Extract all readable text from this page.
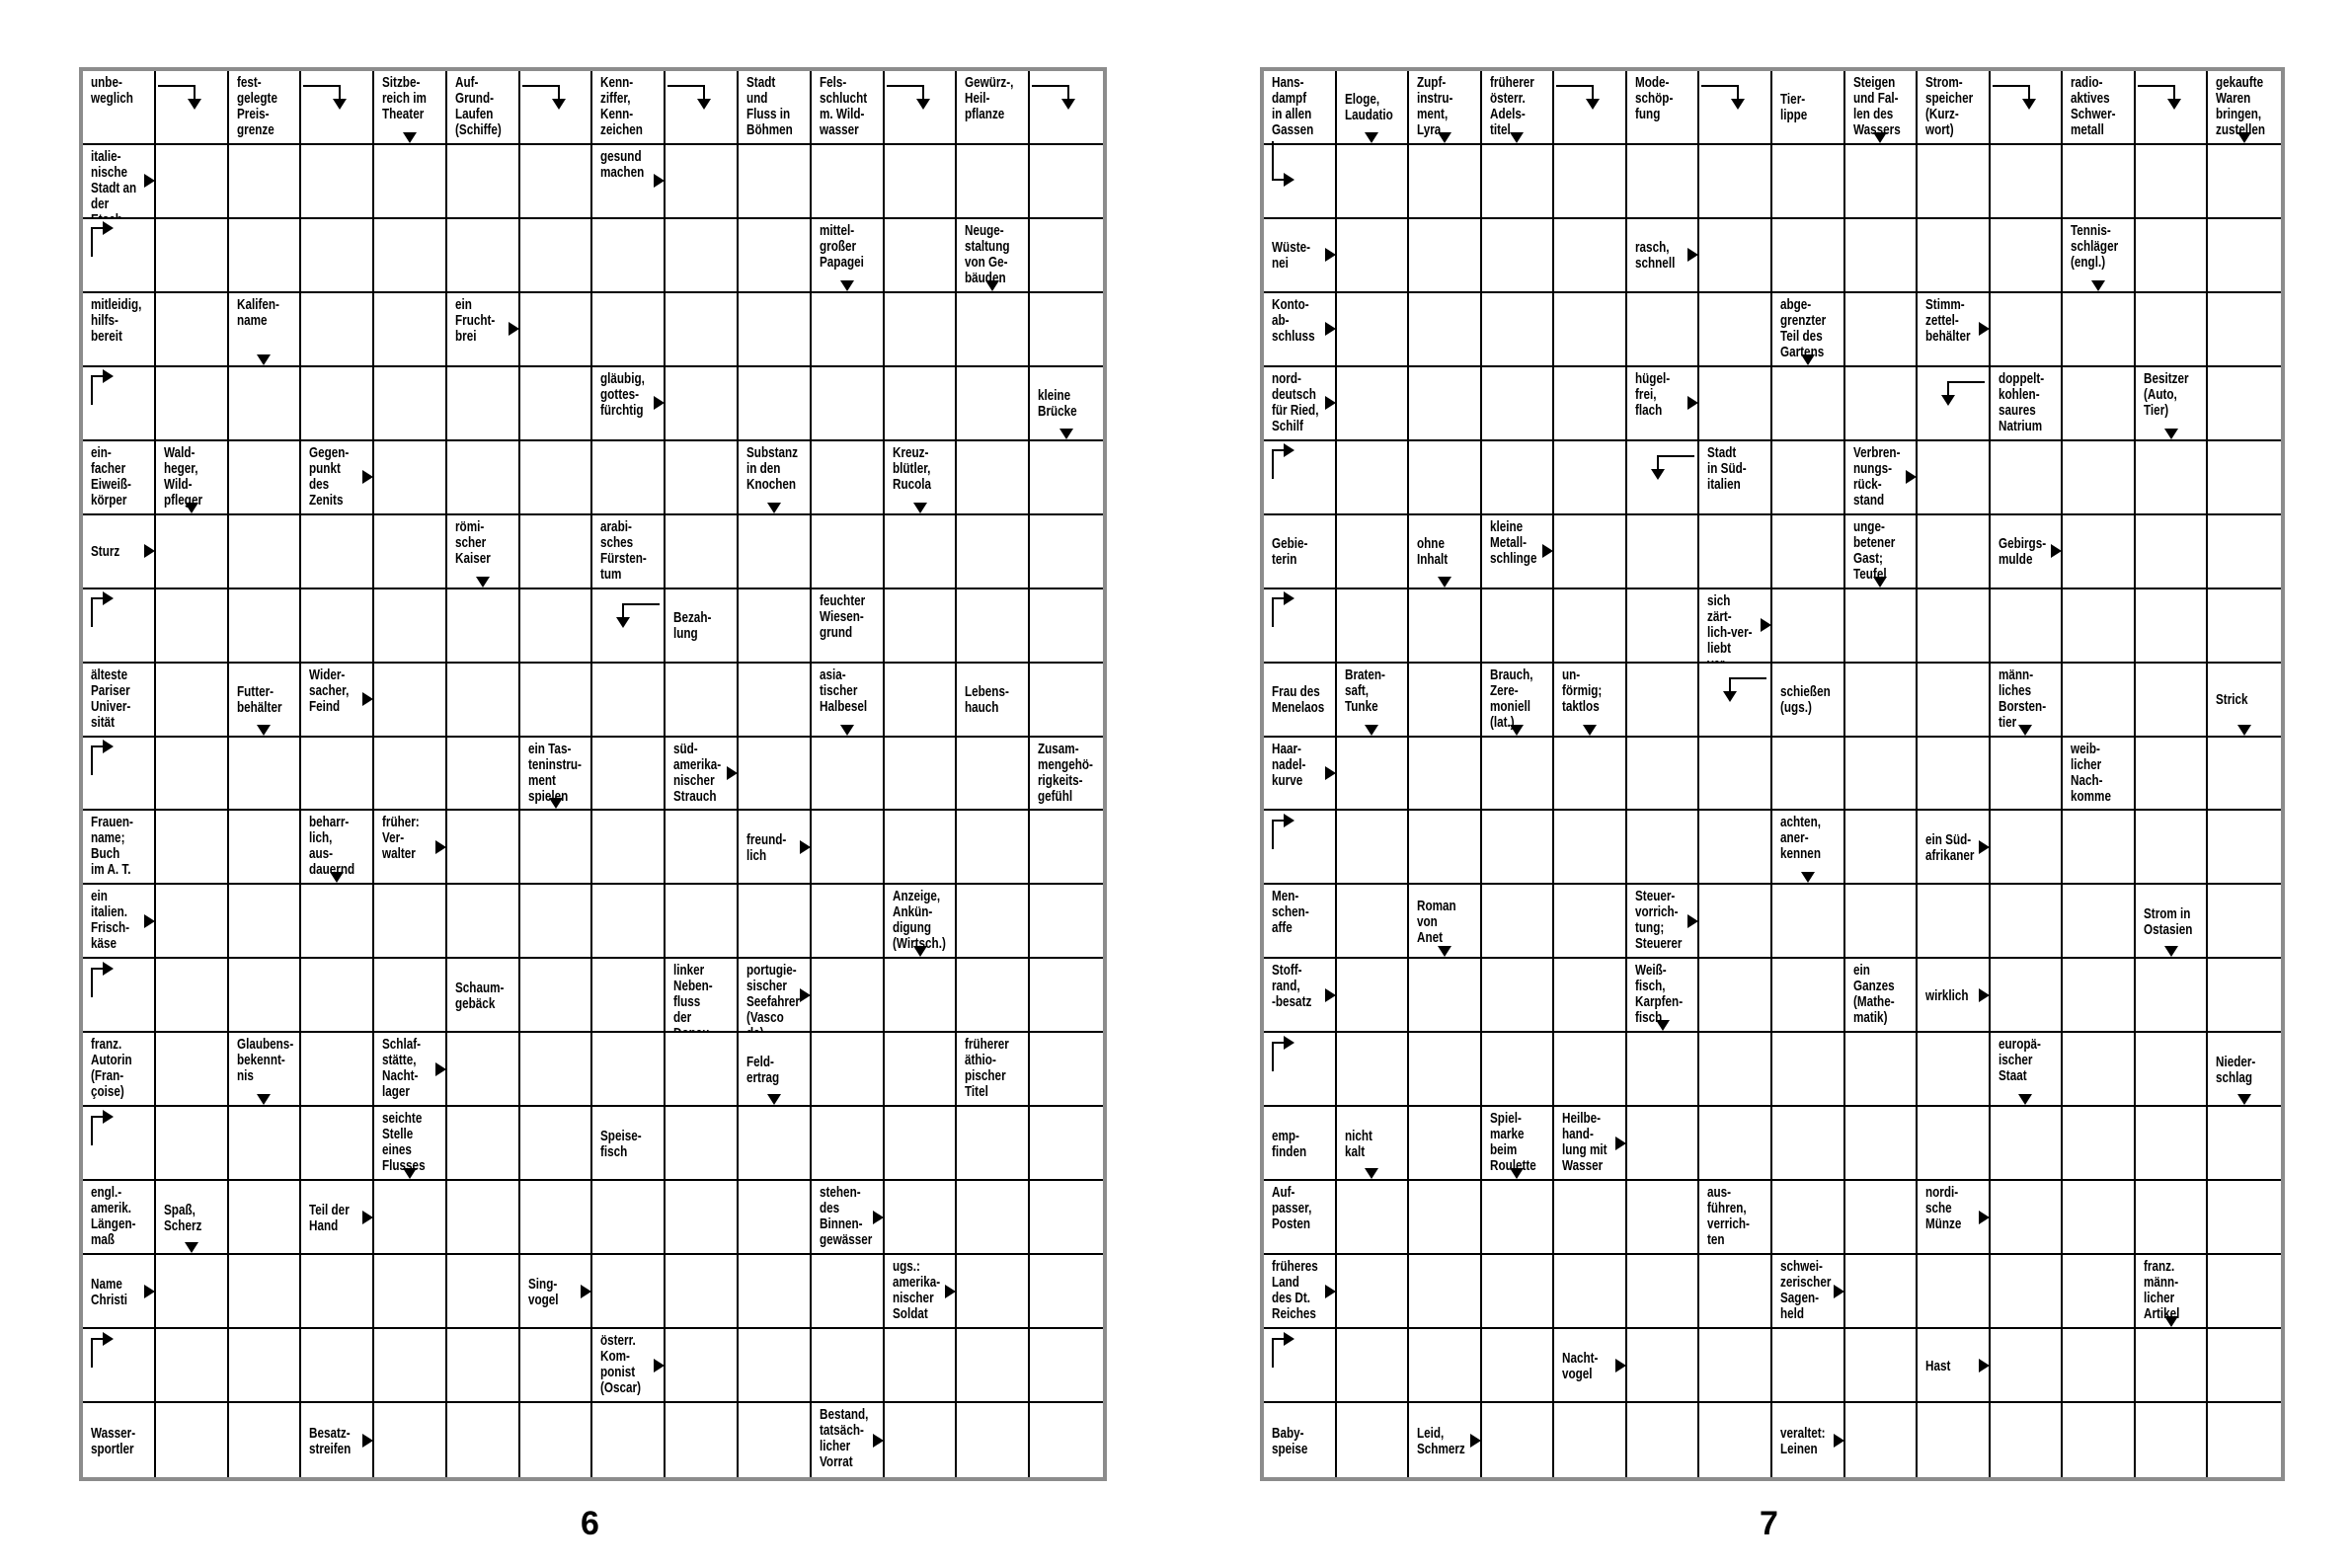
unbe-
weglich
fest-
gelegte
Preis-
grenze
Sitzbe-
reich im
Theater
Auf-
Grund-
Laufen
(Schiffe)
Kenn-
ziffer,
Kenn-
zeichen
Stadt
und
Fluss in
Böhmen
Fels-
schlucht
m. Wild-
wasser
Gewürz-,
Heil-
pflanze
italie-
nische
Stadt an
der
gesund
machen
mittel-
großer
Papagei
Neuge-
staltung
von Ge-
bäuden
mitleidig,
hilfs-
bereit
Kalifen-
name
ein
Frucht-
brei
gläubig,
gottes-
fürchtig
kleine
Brücke
ein-
facher
Eiweiß-
körper
Wald-
heger,
Wild-
pfleger
Gegen-
punkt
des
Zenits
Substanz
in den
Knochen
Kreuz-
blütler,
Rucola
Sturz
römi-
scher
Kaiser
arabi-
sches
Fürsten-
tum
Bezah-
lung
feuchter
Wiesen-
grund
älteste
Pariser
Univer-
sität
Futter-
behälter
Wider-
sacher,
Feind
asia-
tischer
Halbesel
Lebens-
hauch
ein Tas-
teninstru-
ment
spielen
süd-
amerika-
nischer
Strauch
Zusam-
mengehö-
rigkeits-
gefühl
Frauen-
name;
Buch
im A. T.
beharr-
lich, aus-
dauernd
früher:
Ver-
walter
freund-
lich
ein
italien.
Frisch-
käse
Anzeige,
Ankün-
digung
(Wirtsch.)
Schaum-
gebäck
linker
Neben-
fluss der

portugie-
sischer
Seefahrer
(Vasco
franz.
Autorin
(Fran-
çoise)
Glaubens-
bekennt-
nis
Schlaf-
stätte,
Nacht-
lager
Feld-
ertrag
früherer
äthio-
pischer
Titel
seichte
Stelle
eines
Flusses
Speise-
fisch
engl.-
amerik.
Längen-
maß
Spaß,
Scherz
Teil der
Hand
stehen-
des
Binnen-
gewässer
Name
Christi
Sing-
vogel
ugs.:
amerika-
nischer
Soldat
österr.
Kom-
ponist
(Oscar)
Wasser-
sportler
Besatz-
streifen
Bestand,
tatsäch-
licher
Vorrat
Hans-
dampf
in allen
Gassen
Eloge,
Laudatio
Zupf-
instru-
ment,
Lyra
früherer
österr.
Adels-
titel
Mode-
schöp-
fung
Tier-
lippe
Steigen
und Fal-
len des
Wassers
Strom-
speicher
(Kurz-
wort)
radio-
aktives
Schwer-
metall
gekaufte
Waren
bringen,
zustellen
Wüste-
nei
rasch,
schnell
Tennis-
schläger
(engl.)
Konto-
ab-
schluss
abge-
grenzter
Teil des
Gartens
Stimm-
zettel-
behälter
nord-
deutsch
für Ried,
Schilf
hügel-
frei,
flach
doppelt-
kohlen-
saures
Natrium
Besitzer
(Auto,
Tier)
Stadt
in Süd-
italien
Verbren-
nungs-
rück-
stand
Gebie-
terin
ohne
Inhalt
kleine
Metall-
schlinge
unge-
betener
Gast;
Teufel
Gebirgs-
mulde
sich zärt-
lich-ver-
liebt

Frau des
Menelaos
Braten-
saft,
Tunke
Brauch,
Zere-
moniell
(lat.)
un-
förmig;
taktlos
schießen
(ugs.)
männ-
liches
Borsten-
tier
Strick
Haar-
nadel-
kurve
weib-
licher
Nach-
komme
achten,
aner-
kennen
ein Süd-
afrikaner
Men-
schen-
affe
Roman
von Anet
Steuer-
vorrich-
tung;
Steuerer
Strom in
Ostasien
Stoff-
rand,
-besatz
Weiß-
fisch,
Karpfen-
fisch
ein
Ganzes
(Mathe-
matik)
wirklich
europä-
ischer
Staat
Nieder-
schlag
emp-
finden
nicht
kalt
Spiel-
marke
beim
Roulette
Heilbe-
hand-
lung mit
Wasser
Auf-
passer,
Posten
aus-
führen,
verrich-
ten
nordi-
sche
Münze
früheres
Land
des Dt.
Reiches
schwei-
zerischer
Sagen-
held
franz.
männ-
licher
Artikel
Nacht-
vogel	Hast
Baby-
speise
Leid,
Schmerz
veraltet:
Leinen
6	7
